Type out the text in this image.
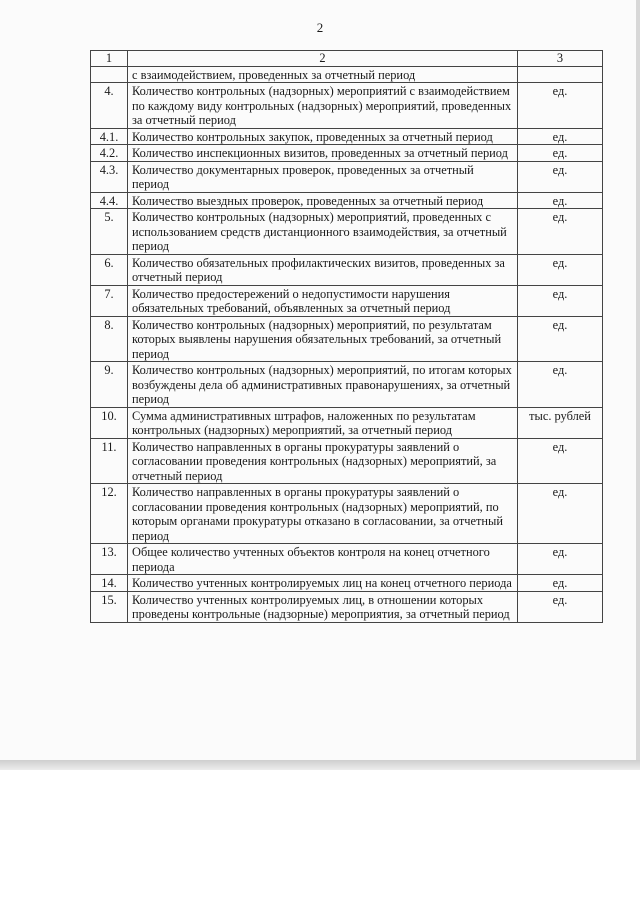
2
1	2	3
	с взаимодействием, проведенных за отчетный период	
4.	Количество контрольных (надзорных) мероприятий с взаимодействием по каждому виду контрольных (надзорных) мероприятий, проведенных за отчетный период	ед.
4.1.	Количество контрольных закупок, проведенных за отчетный период	ед.
4.2.	Количество инспекционных визитов, проведенных за отчетный период	ед.
4.3.	Количество документарных проверок, проведенных за отчетный период	ед.
4.4.	Количество выездных проверок, проведенных за отчетный период	ед.
5.	Количество контрольных (надзорных) мероприятий, проведенных с использованием средств дистанционного взаимодействия, за отчетный период	ед.
6.	Количество обязательных профилактических визитов, проведенных за отчетный период	ед.
7.	Количество предостережений о недопустимости нарушения обязательных требований, объявленных за отчетный период	ед.
8.	Количество контрольных (надзорных) мероприятий, по результатам которых выявлены нарушения обязательных требований, за отчетный период	ед.
9.	Количество контрольных (надзорных) мероприятий, по итогам которых возбуждены дела об административных правонарушениях, за отчетный период	ед.
10.	Сумма административных штрафов, наложенных по результатам контрольных (надзорных) мероприятий, за отчетный период	тыс. рублей
11.	Количество направленных в органы прокуратуры заявлений о согласовании проведения контрольных (надзорных) мероприятий, за отчетный период	ед.
12.	Количество направленных в органы прокуратуры заявлений о согласовании проведения контрольных (надзорных) мероприятий, по которым органами прокуратуры отказано в согласовании, за отчетный период	ед.
13.	Общее количество учтенных объектов контроля на конец отчетного периода	ед.
14.	Количество учтенных контролируемых лиц на конец отчетного периода	ед.
15.	Количество учтенных контролируемых лиц, в отношении которых проведены контрольные (надзорные) мероприятия, за отчетный период	ед.
